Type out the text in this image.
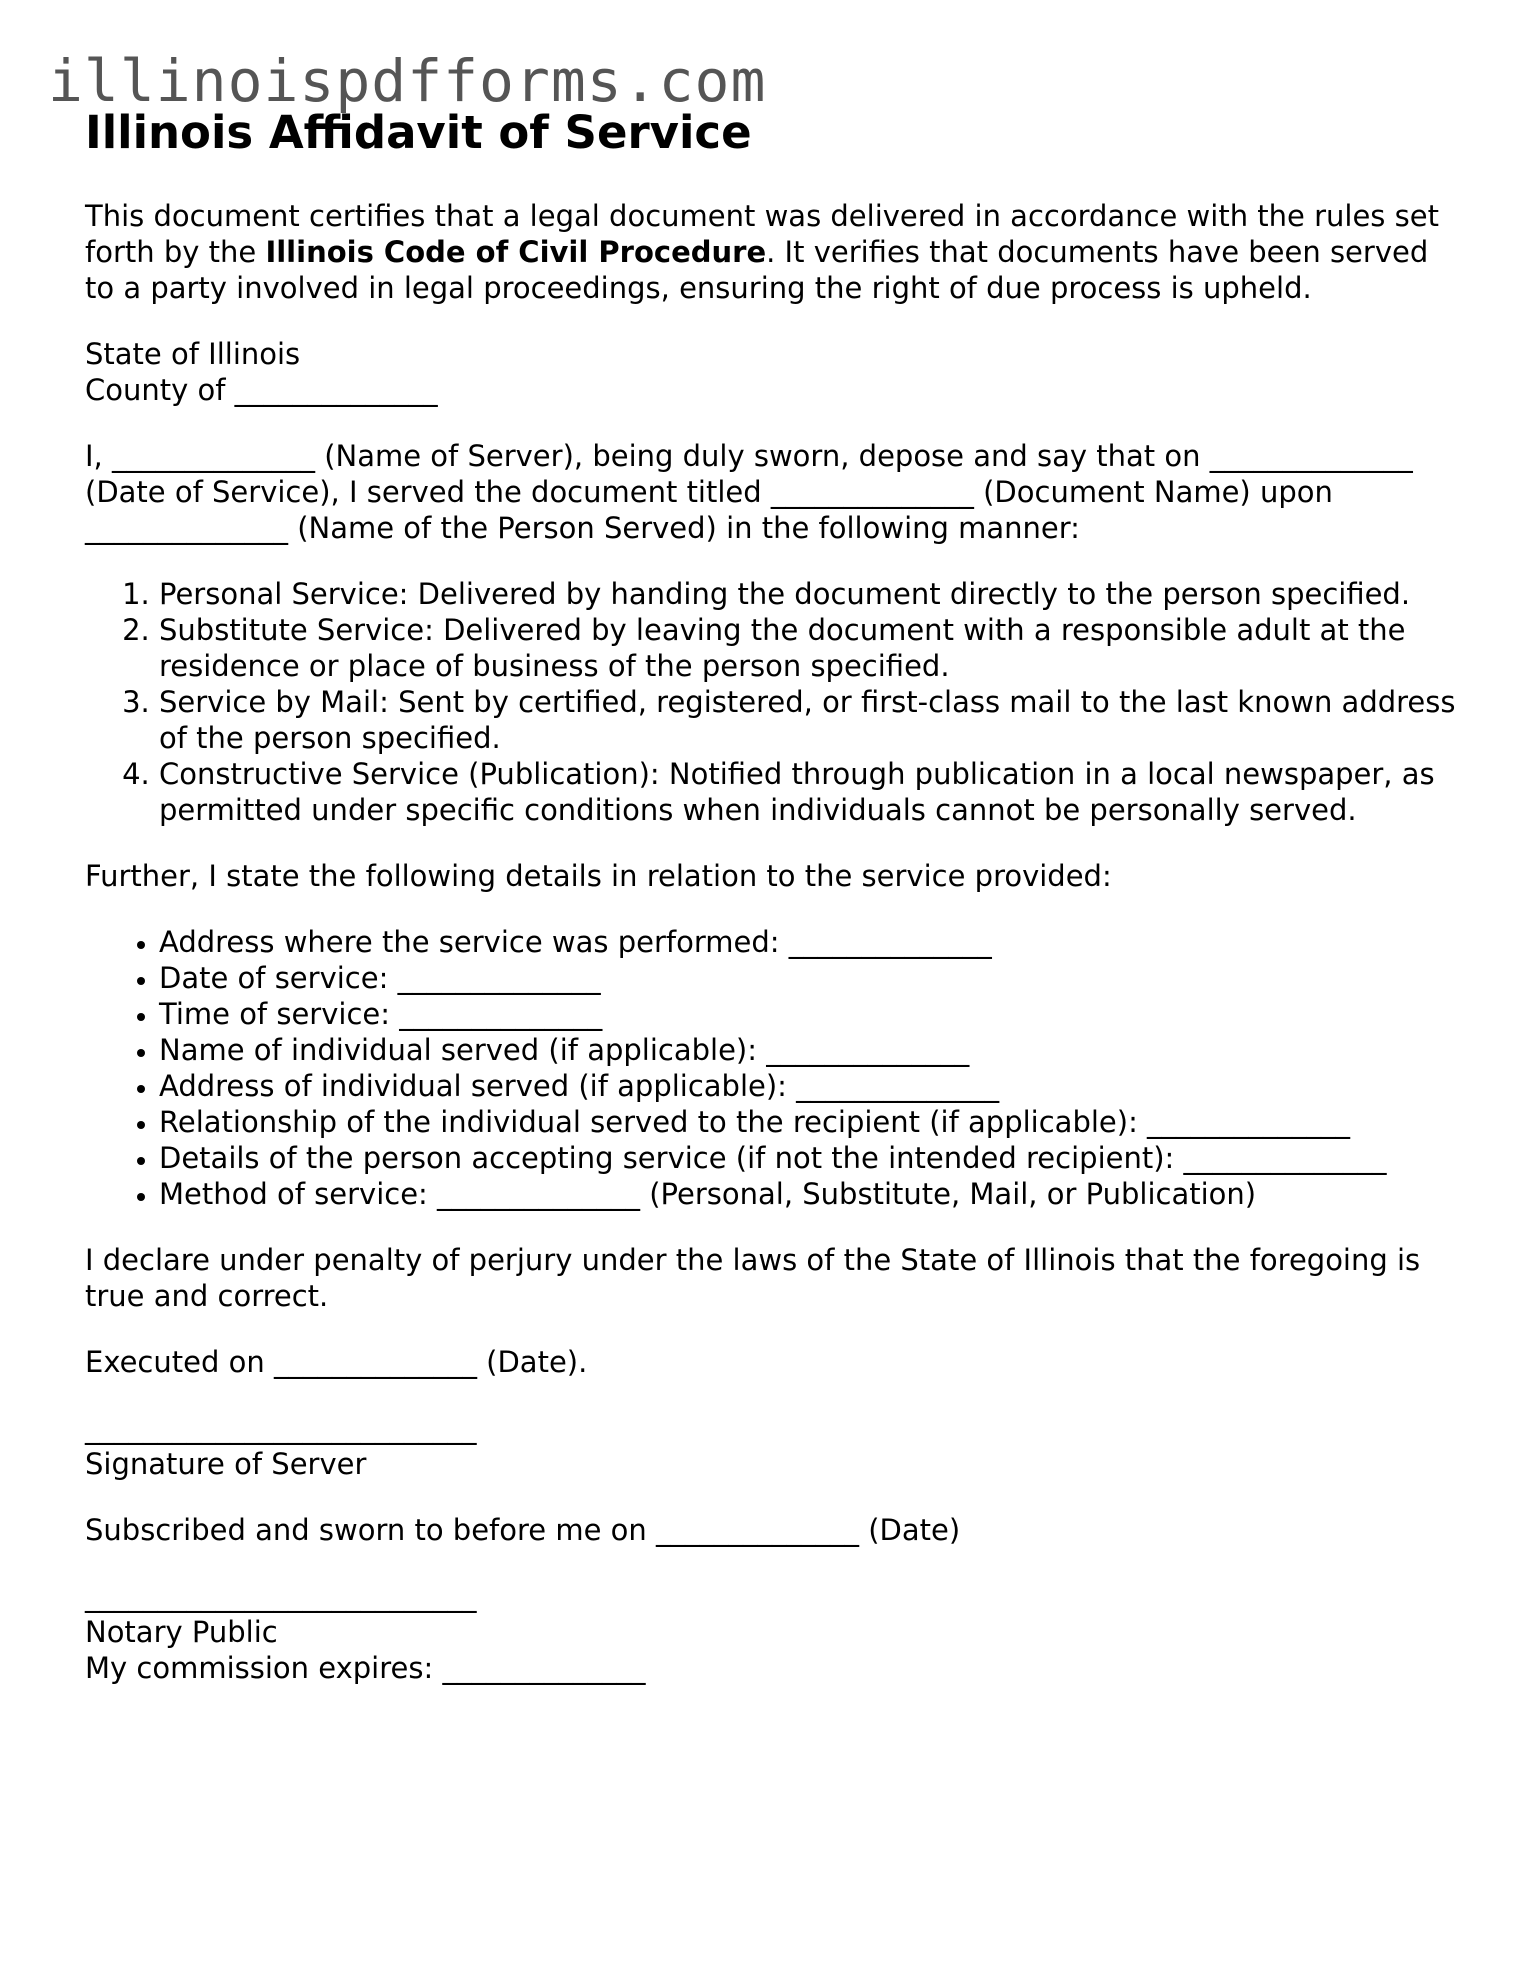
illinoispdfforms.com
Illinois Affidavit of Service

This document certifies that a legal document was delivered in accordance with the rules set forth by the Illinois Code of Civil Procedure. It verifies that documents have been served to a party involved in legal proceedings, ensuring the right of due process is upheld.

State of Illinois
County of ______________

I, ______________ (Name of Server), being duly sworn, depose and say that on ______________ (Date of Service), I served the document titled ______________ (Document Name) upon ______________ (Name of the Person Served) in the following manner:

1. Personal Service: Delivered by handing the document directly to the person specified.
2. Substitute Service: Delivered by leaving the document with a responsible adult at the residence or place of business of the person specified.
3. Service by Mail: Sent by certified, registered, or first-class mail to the last known address of the person specified.
4. Constructive Service (Publication): Notified through publication in a local newspaper, as permitted under specific conditions when individuals cannot be personally served.

Further, I state the following details in relation to the service provided:

• Address where the service was performed: ______________
• Date of service: ______________
• Time of service: ______________
• Name of individual served (if applicable): ______________
• Address of individual served (if applicable): ______________
• Relationship of the individual served to the recipient (if applicable): ______________
• Details of the person accepting service (if not the intended recipient): ______________
• Method of service: ______________ (Personal, Substitute, Mail, or Publication)

I declare under penalty of perjury under the laws of the State of Illinois that the foregoing is true and correct.

Executed on ______________ (Date).

___________________________
Signature of Server

Subscribed and sworn to before me on ______________ (Date)

___________________________
Notary Public
My commission expires: ______________
